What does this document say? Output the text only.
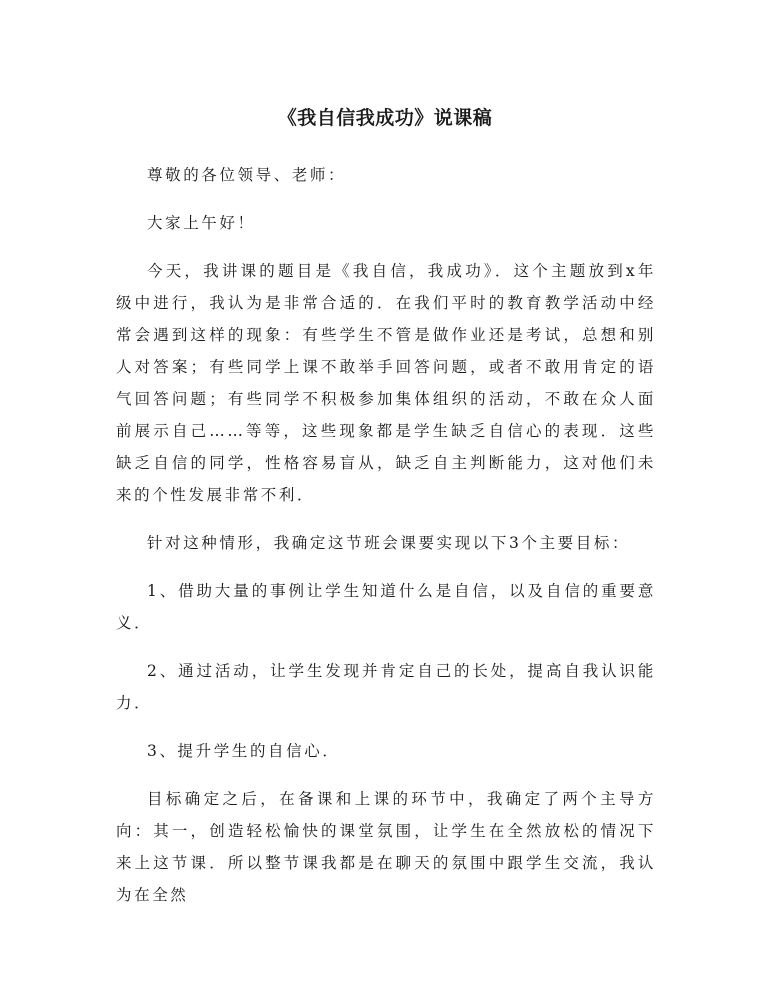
《我自信我成功》说课稿

尊敬的各位领导、老师：

大家上午好！

今天，我讲课的题目是《我自信，我成功》．这个主题放到x年级中进行，我认为是非常合适的．在我们平时的教育教学活动中经常会遇到这样的现象：有些学生不管是做作业还是考试，总想和别人对答案；有些同学上课不敢举手回答问题，或者不敢用肯定的语气回答问题；有些同学不积极参加集体组织的活动，不敢在众人面前展示自己……等等，这些现象都是学生缺乏自信心的表现．这些缺乏自信的同学，性格容易盲从，缺乏自主判断能力，这对他们未来的个性发展非常不利．

针对这种情形，我确定这节班会课要实现以下3个主要目标：

1、借助大量的事例让学生知道什么是自信，以及自信的重要意义．

2、通过活动，让学生发现并肯定自己的长处，提高自我认识能力．

3、提升学生的自信心．

目标确定之后，在备课和上课的环节中，我确定了两个主导方向：其一，创造轻松愉快的课堂氛围，让学生在全然放松的情况下来上这节课．所以整节课我都是在聊天的氛围中跟学生交流，我认为在全然
